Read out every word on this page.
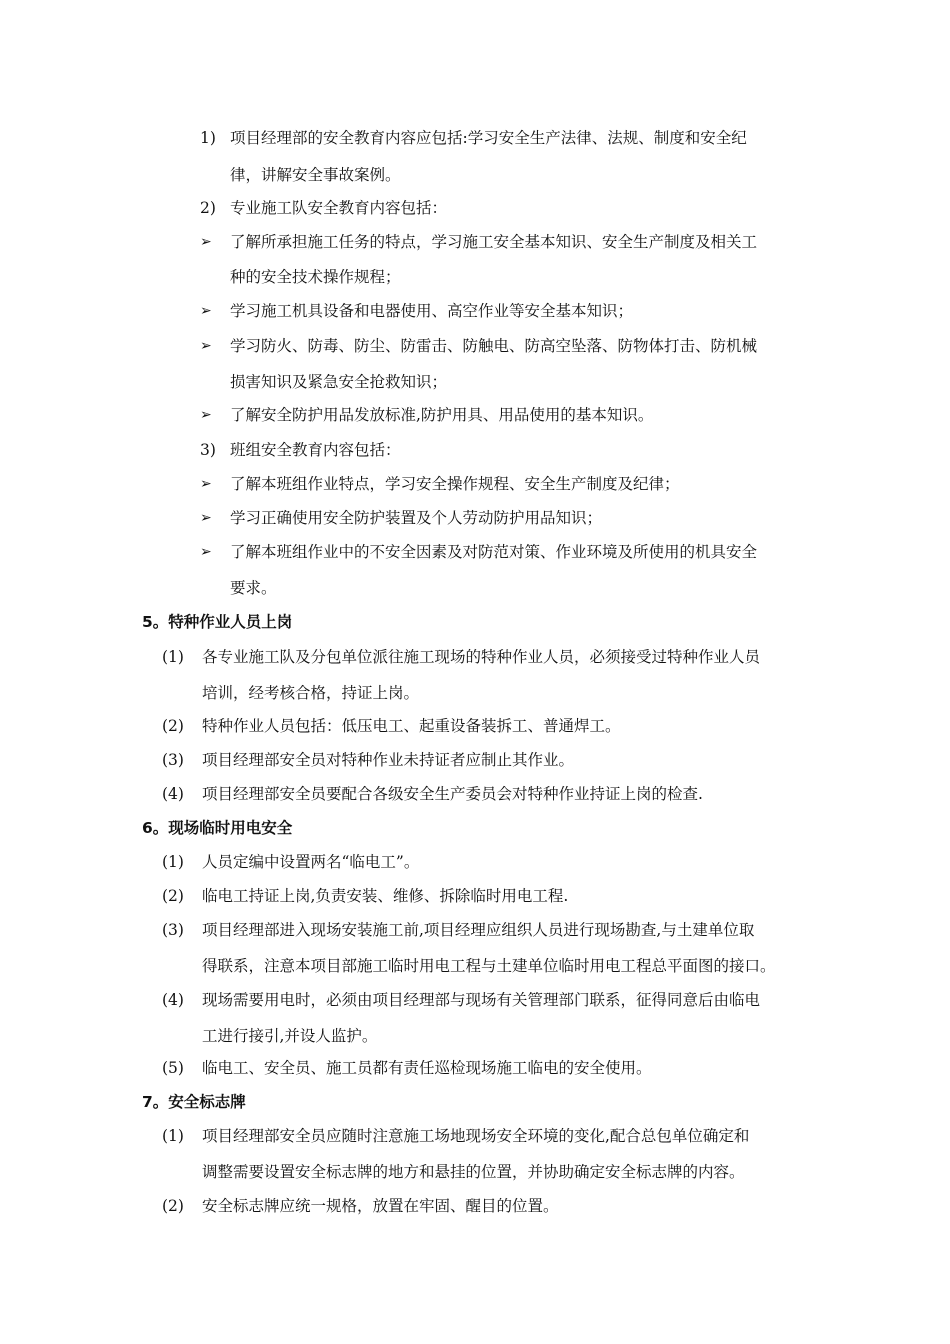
1) 项目经理部的安全教育内容应包括:学习安全生产法律、法规、制度和安全纪
律，讲解安全事故案例。
2) 专业施工队安全教育内容包括：
➢ 了解所承担施工任务的特点，学习施工安全基本知识、安全生产制度及相关工
种的安全技术操作规程；
➢ 学习施工机具设备和电器使用、高空作业等安全基本知识；
➢ 学习防火、防毒、防尘、防雷击、防触电、防高空坠落、防物体打击、防机械
损害知识及紧急安全抢救知识；
➢ 了解安全防护用品发放标准,防护用具、用品使用的基本知识。
3) 班组安全教育内容包括：
➢ 了解本班组作业特点，学习安全操作规程、安全生产制度及纪律；
➢ 学习正确使用安全防护装置及个人劳动防护用品知识；
➢ 了解本班组作业中的不安全因素及对防范对策、作业环境及所使用的机具安全
要求。
5。特种作业人员上岗
(1) 各专业施工队及分包单位派往施工现场的特种作业人员，必须接受过特种作业人员
培训，经考核合格，持证上岗。
(2) 特种作业人员包括：低压电工、起重设备装拆工、普通焊工。
(3) 项目经理部安全员对特种作业未持证者应制止其作业。
(4) 项目经理部安全员要配合各级安全生产委员会对特种作业持证上岗的检查.
6。现场临时用电安全
(1) 人员定编中设置两名“临电工”。
(2) 临电工持证上岗,负责安装、维修、拆除临时用电工程.
(3) 项目经理部进入现场安装施工前,项目经理应组织人员进行现场勘查,与土建单位取
得联系，注意本项目部施工临时用电工程与土建单位临时用电工程总平面图的接口。
(4) 现场需要用电时，必须由项目经理部与现场有关管理部门联系，征得同意后由临电
工进行接引,并设人监护。
(5) 临电工、安全员、施工员都有责任巡检现场施工临电的安全使用。
7。安全标志牌
(1) 项目经理部安全员应随时注意施工场地现场安全环境的变化,配合总包单位确定和
调整需要设置安全标志牌的地方和悬挂的位置，并协助确定安全标志牌的内容。
(2) 安全标志牌应统一规格，放置在牢固、醒目的位置。
